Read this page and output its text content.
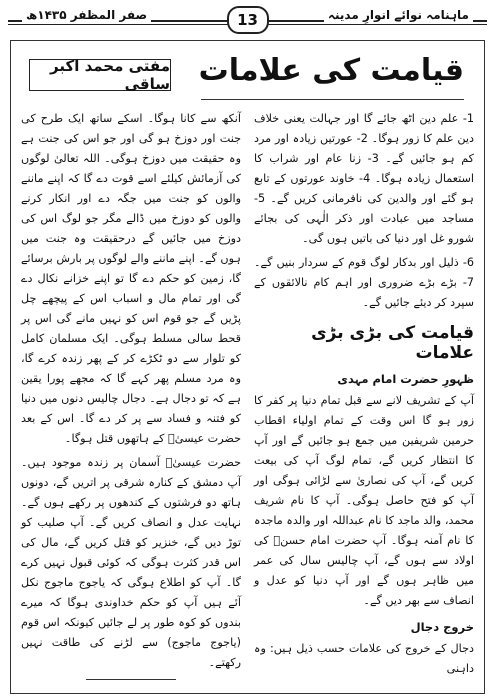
ماہنامہ نوائے انوارِ مدینہ
13
صفر المظفر ۱۴۳۵ھ
قیامت کی علامات
مفتی محمد اکبر ساقی

1- علم دین اٹھ جائے گا اور جہالت یعنی خلاف دین علم کا زور ہوگا۔ 2- عورتیں زیادہ اور مرد کم ہو جائیں گے۔ 3- زنا عام اور شراب کا استعمال زیادہ ہوگا۔ 4- خاوند عورتوں کے تابع ہو گئے اور والدین کی نافرمانی کریں گے۔ 5- مساجد میں عبادت اور ذکر الٰہی کی بجائے شورو غل اور دنیا کی باتیں ہوں گی۔

6- ذلیل اور بدکار لوگ قوم کے سردار بنیں گے۔ 7- بڑے بڑے ضروری اور اہم کام نالائقوں کے سپرد کر دیئے جائیں گے۔

قیامت کی بڑی بڑی علامات
ظہورِ حضرت امام مہدی

آپ کے تشریف لانے سے قبل تمام دنیا پر کفر کا زور ہو گا اس وقت کے تمام اولیاء اقطاب حرمین شریفین میں جمع ہو جائیں گے اور آپ کا انتظار کریں گے، تمام لوگ آپ کی بیعت کریں گے، آپ کی نصاریٰ سے لڑائی ہوگی اور آپ کو فتح حاصل ہوگی۔ آپ کا نام شریف محمد، والد ماجد کا نام عبداللہ اور والدہ ماجدہ کا نام آمنہ ہوگا۔ آپ حضرت امام حسنؓ کی اولاد سے ہوں گے، آپ چالیس سال کی عمر میں ظاہر ہوں گے اور آپ دنیا کو عدل و انصاف سے بھر دیں گے۔

خروج دجال

دجال کے خروج کی علامات حسب ذیل ہیں: وہ داہنی

آنکھ سے کانا ہوگا۔ اسکے ساتھ ایک طرح کی جنت اور دوزخ ہو گی اور جو اس کی جنت ہے وہ حقیقت میں دوزخ ہوگی۔ اللہ تعالیٰ لوگوں کی آزمائش کیلئے اسے قوت دے گا کہ اپنے ماننے والوں کو جنت میں جگہ دے اور انکار کرنے والوں کو دوزخ میں ڈالے مگر جو لوگ اس کی دوزخ میں جائیں گے درحقیقت وہ جنت میں ہوں گے۔ اپنے ماننے والے لوگوں پر بارش برسائے گا، زمین کو حکم دے گا تو اپنے خزانے نکال دے گی اور تمام مال و اسباب اس کے پیچھے چل پڑیں گے جو قوم اس کو نہیں مانے گی اس پر قحط سالی مسلط ہوگی۔ ایک مسلمان کامل کو تلوار سے دو ٹکڑے کر کے پھر زندہ کرے گا، وہ مرد مسلم پھر کہے گا کہ مجھے پورا یقین ہے کہ تو دجال ہے۔ دجال چالیس دنوں میں دنیا کو فتنہ و فساد سے پر کر دے گا۔ اس کے بعد حضرت عیسیٰؑ کے ہاتھوں قتل ہوگا۔

حضرت عیسیٰؑ آسمان پر زندہ موجود ہیں۔ آپ دمشق کے کنارہ شرقی پر اتریں گے، دونوں ہاتھ دو فرشتوں کے کندھوں پر رکھے ہوں گے۔ نہایت عدل و انصاف کریں گے۔ آپ صلیب کو توڑ دیں گے، خنزیر کو قتل کریں گے، مال کی اس قدر کثرت ہوگی کہ کوئی قبول نہیں کرے گا۔ آپ کو اطلاع ہوگی کہ یاجوج ماجوج نکل آئے ہیں آپ کو حکم خداوندی ہوگا کہ میرے بندوں کو کوہ طور پر لے جائیں کیونکہ اس قوم (یاجوج ماجوج) سے لڑنے کی طاقت نہیں رکھتے۔
